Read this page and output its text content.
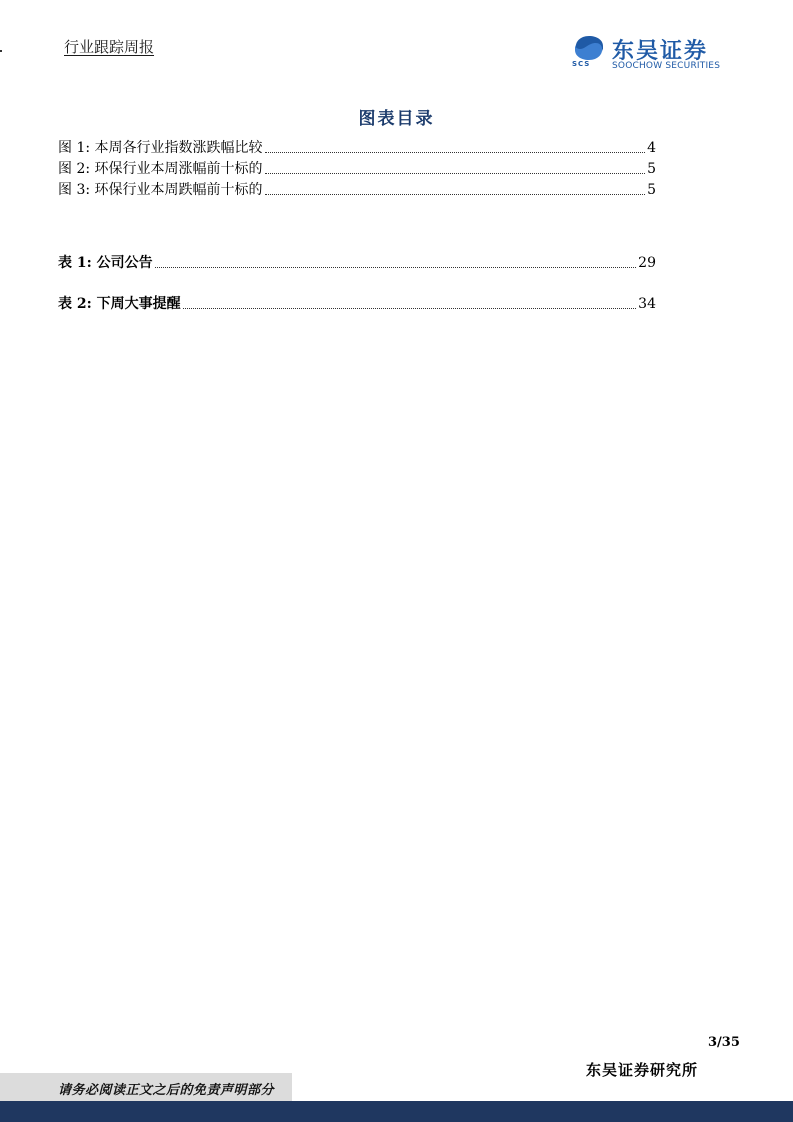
行业跟踪周报
SCS 东吴证券
SOOCHOW SECURITIES
图表目录
图 1: 本周各行业指数涨跌幅比较	4
图 2: 环保行业本周涨幅前十标的	5
图 3: 环保行业本周跌幅前十标的	5
表 1: 公司公告	29
表 2: 下周大事提醒	34
3/35
东吴证券研究所
请务必阅读正文之后的免责声明部分
